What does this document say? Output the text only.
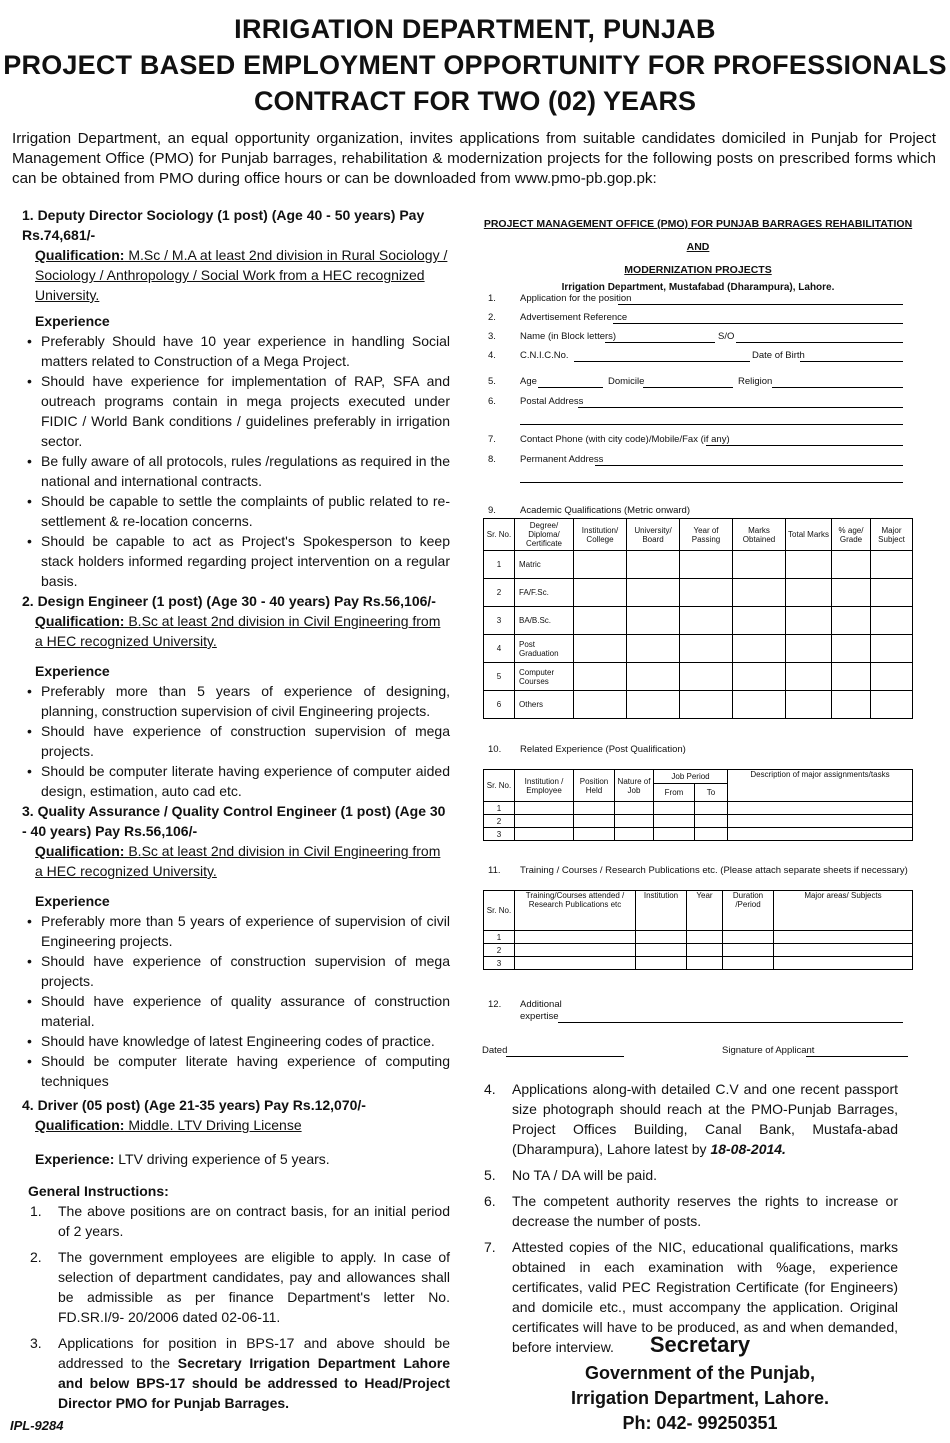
IRRIGATION DEPARTMENT, PUNJAB
PROJECT BASED EMPLOYMENT OPPORTUNITY FOR PROFESSIONALS
CONTRACT FOR TWO (02) YEARS
Irrigation Department, an equal opportunity organization, invites applications from suitable candidates domiciled in Punjab for Project Management Office (PMO) for Punjab barrages, rehabilitation & modernization projects for the following posts on prescribed forms which can be obtained from PMO during office hours or can be downloaded from www.pmo-pb.gop.pk:

1. Deputy Director Sociology (1 post) (Age 40 - 50 years) Pay Rs.74,681/-

Qualification: M.Sc / M.A at least 2nd division in Rural Sociology / Sociology / Anthropology / Social Work from a HEC recognized University.

Experience

• Preferably Should have 10 year experience in handling Social matters related to Construction of a Mega Project.
• Should have experience for implementation of RAP, SFA and outreach programs contain in mega projects executed under FIDIC / World Bank conditions / guidelines preferably in irrigation sector.
• Be fully aware of all protocols, rules /regulations as required in the national and international contracts.
• Should be capable to settle the complaints of public related to re-settlement & re-location concerns.
• Should be capable to act as Project's Spokesperson to keep stack holders informed regarding project intervention on a regular basis.

2. Design Engineer (1 post) (Age 30 - 40 years) Pay Rs.56,106/-

Qualification: B.Sc at least 2nd division in Civil Engineering from a HEC recognized University.

Experience

• Preferably more than 5 years of experience of designing, planning, construction supervision of civil Engineering projects.
• Should have experience of construction supervision of mega projects.
• Should be computer literate having experience of computer aided design, estimation, auto cad etc.

3. Quality Assurance / Quality Control Engineer (1 post) (Age 30 - 40 years) Pay Rs.56,106/-

Qualification: B.Sc at least 2nd division in Civil Engineering from a HEC recognized University.

Experience

• Preferably more than 5 years of experience of supervision of civil Engineering projects.
• Should have experience of construction supervision of mega projects.
• Should have experience of quality assurance of construction material.
• Should have knowledge of latest Engineering codes of practice.
• Should be computer literate having experience of computing techniques

4. Driver (05 post) (Age 21-35 years) Pay Rs.12,070/-

Qualification: Middle. LTV Driving License

Experience: LTV driving experience of 5 years.

General Instructions:

1. The above positions are on contract basis, for an initial period of 2 years.
2. The government employees are eligible to apply. In case of selection of department candidates, pay and allowances shall be admissible as per finance Department's letter No. FD.SR.I/9- 20/2006 dated 02-06-11.
3. Applications for position in BPS-17 and above should be addressed to the Secretary Irrigation Department Lahore and below BPS-17 should be addressed to Head/Project Director PMO for Punjab Barrages.
IPL-9284
PROJECT MANAGEMENT OFFICE (PMO) FOR PUNJAB BARRAGES REHABILITATION AND
MODERNIZATION PROJECTS
Irrigation Department, Mustafabad (Dharampura), Lahore.
1.	Application for the position
2.	Advertisement Reference
3.	Name (in Block letters)	S/O
4.	C.N.I.C.No.	Date of Birth
5.	Age	Domicile	Religion
6.	Postal Address
7.	Contact Phone (with city code)/Mobile/Fax (if any)
8.	Permanent Address
9.	Academic Qualifications (Metric onward)
Sr. No.	Degree/ Diploma/ Certificate	Institution/ College	University/ Board	Year of Passing	Marks Obtained	Total Marks	% age/ Grade	Major Subject
1	Matric							
2	FA/F.Sc.							
3	BA/B.Sc.							
4	Post Graduation							
5	Computer Courses							
6	Others							
10. Related Experience (Post Qualification)
Sr. No.	Institution / Employee	Position Held	Nature of Job	Job Period		Description of major assignments/tasks
				From	To	
1						
2						
3						
11. Training / Courses / Research Publications etc. (Please attach separate sheets if necessary)
Sr. No.	Training/Courses attended / Research Publications etc	Institution	Year	Duration /Period	Major areas/ Subjects
1					
2					
3					
12. Additional expertise
Dated	Signature of Applicant
4. Applications along-with detailed C.V and one recent passport size photograph should reach at the PMO-Punjab Barrages, Project Offices Building, Canal Bank, Mustafa-abad (Dharampura), Lahore latest by 18-08-2014.
5. No TA / DA will be paid.
6. The competent authority reserves the rights to increase or decrease the number of posts.
7. Attested copies of the NIC, educational qualifications, marks obtained in each examination with %age, experience certificates, valid PEC Registration Certificate (for Engineers) and domicile etc., must accompany the application. Original certificates will have to be produced, as and when demanded, before interview.	Secretary
Government of the Punjab,
Irrigation Department, Lahore.
Ph: 042- 99250351
